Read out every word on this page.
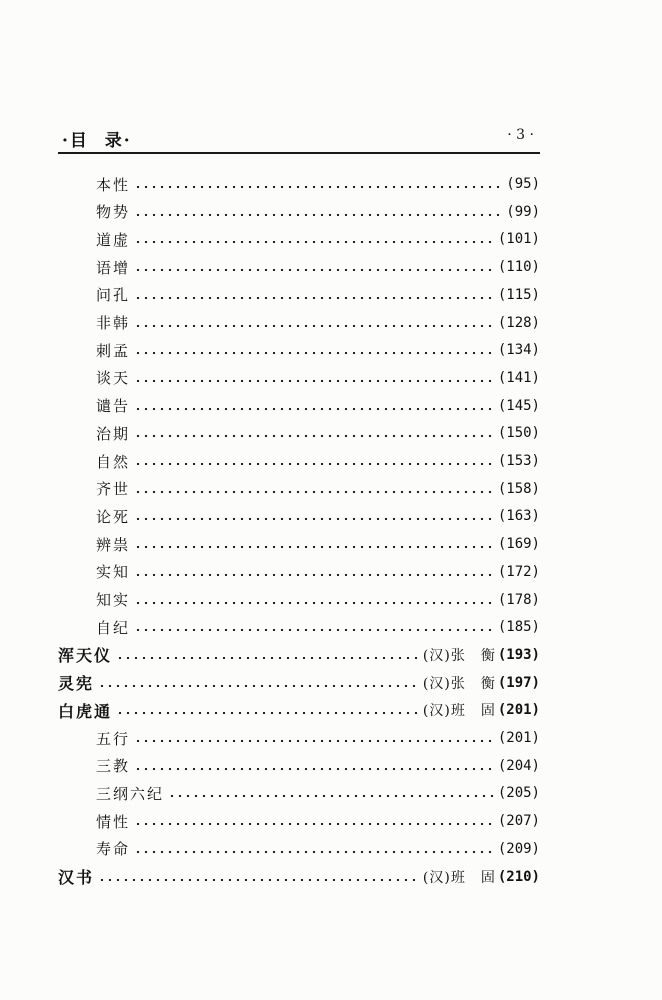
·目  录·	· 3 ·
本性	(95)
物势	(99)
道虚	(101)
语增	(110)
问孔	(115)
非韩	(128)
刺孟	(134)
谈天	(141)
谴告	(145)
治期	(150)
自然	(153)
齐世	(158)
论死	(163)
辨祟	(169)
实知	(172)
知实	(178)
自纪	(185)
浑天仪	(汉)张　衡 (193)
灵宪	(汉)张　衡 (197)
白虎通	(汉)班　固 (201)
五行	(201)
三教	(204)
三纲六纪	(205)
情性	(207)
寿命	(209)
汉书	(汉)班　固 (210)
